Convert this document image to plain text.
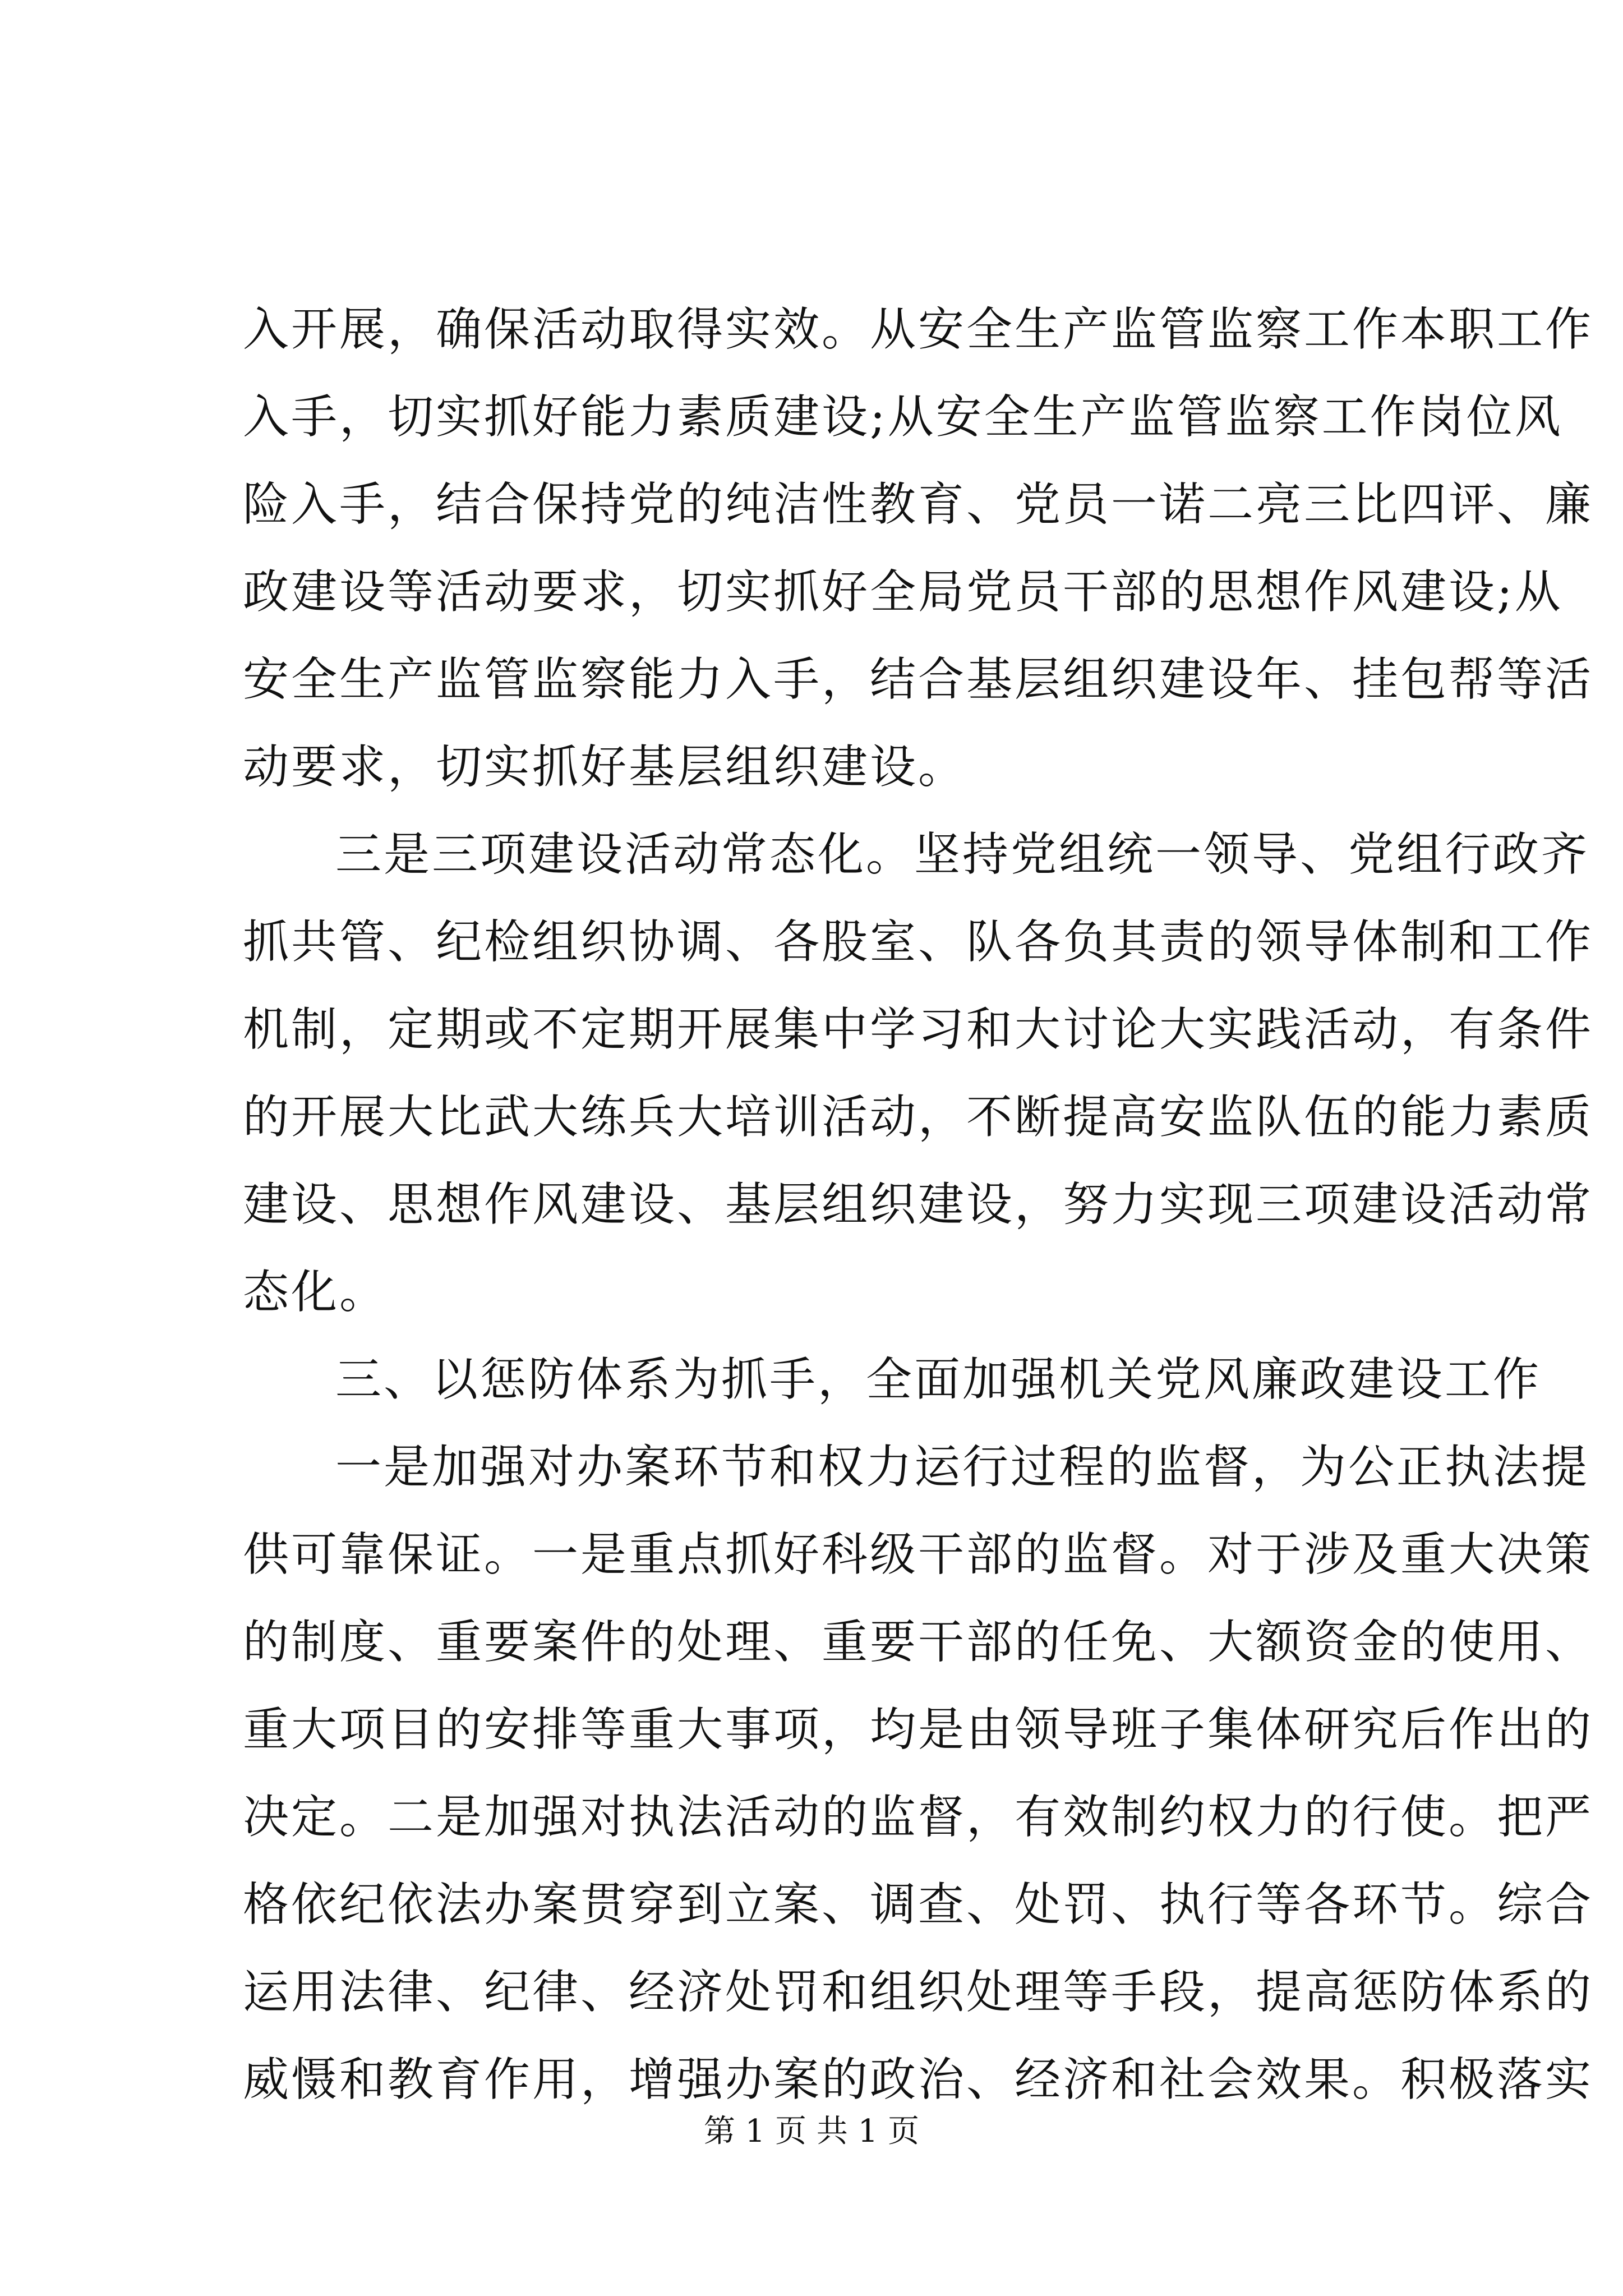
入开展，确保活动取得实效。从安全生产监管监察工作本职工作
入手，切实抓好能力素质建设;从安全生产监管监察工作岗位风
险入手，结合保持党的纯洁性教育、党员一诺二亮三比四评、廉
政建设等活动要求，切实抓好全局党员干部的思想作风建设;从
安全生产监管监察能力入手，结合基层组织建设年、挂包帮等活
动要求，切实抓好基层组织建设。
三是三项建设活动常态化。坚持党组统一领导、党组行政齐
抓共管、纪检组织协调、各股室、队各负其责的领导体制和工作
机制，定期或不定期开展集中学习和大讨论大实践活动，有条件
的开展大比武大练兵大培训活动，不断提高安监队伍的能力素质
建设、思想作风建设、基层组织建设，努力实现三项建设活动常
态化。
三、以惩防体系为抓手，全面加强机关党风廉政建设工作
一是加强对办案环节和权力运行过程的监督，为公正执法提
供可靠保证。一是重点抓好科级干部的监督。对于涉及重大决策
的制度、重要案件的处理、重要干部的任免、大额资金的使用、
重大项目的安排等重大事项，均是由领导班子集体研究后作出的
决定。二是加强对执法活动的监督，有效制约权力的行使。把严
格依纪依法办案贯穿到立案、调查、处罚、执行等各环节。综合
运用法律、纪律、经济处罚和组织处理等手段，提高惩防体系的
威慑和教育作用，增强办案的政治、经济和社会效果。积极落实
第 1 页 共 1 页
